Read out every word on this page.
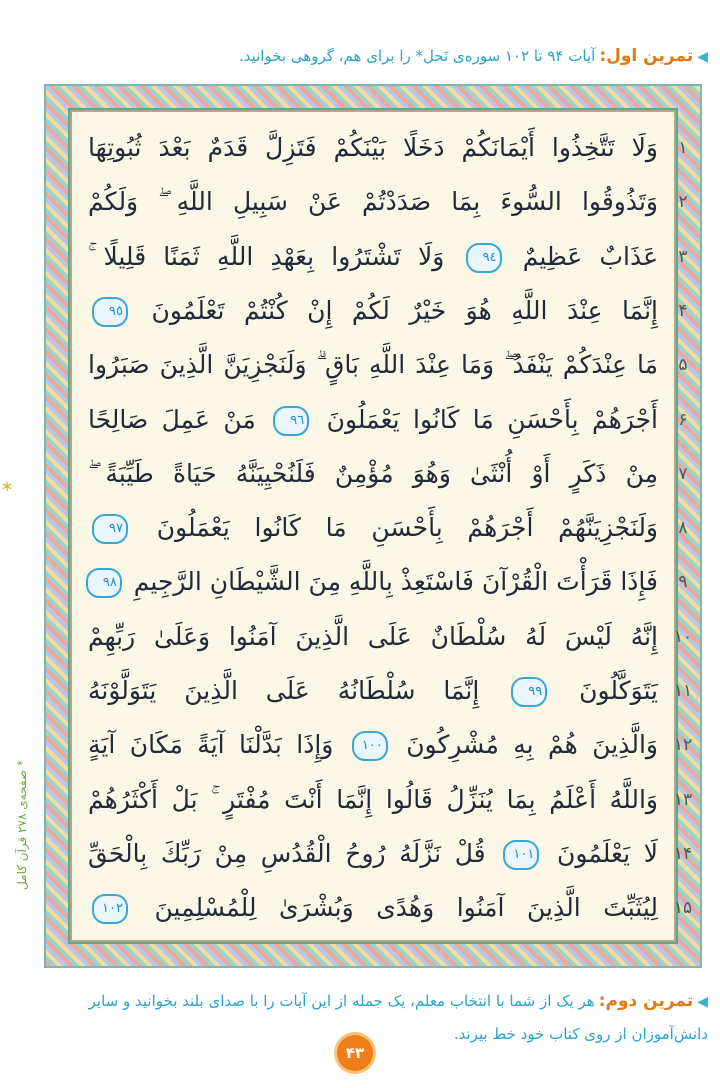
◀تمرین اول:آیات ۹۴ تا ۱۰۲ سوره‌ی نَحل* را برای هم، گروهی بخوانید.
۱
وَلَا تَتَّخِذُوا أَيْمَانَكُمْ دَخَلًا بَيْنَكُمْ فَتَزِلَّ قَدَمٌ بَعْدَ ثُبُوتِهَا
۲
وَتَذُوقُوا السُّوءَ بِمَا صَدَدْتُمْ عَنْ سَبِيلِ اللَّهِ ۖ وَلَكُمْ
۳
عَذَابٌ عَظِيمٌ ٩٤ وَلَا تَشْتَرُوا بِعَهْدِ اللَّهِ ثَمَنًا قَلِيلًا ۚ
۴
إِنَّمَا عِنْدَ اللَّهِ هُوَ خَيْرٌ لَكُمْ إِنْ كُنْتُمْ تَعْلَمُونَ ٩٥
۵
مَا عِنْدَكُمْ يَنْفَدُ ۖ وَمَا عِنْدَ اللَّهِ بَاقٍ ۗ وَلَنَجْزِيَنَّ الَّذِينَ صَبَرُوا
۶
أَجْرَهُمْ بِأَحْسَنِ مَا كَانُوا يَعْمَلُونَ ٩٦ مَنْ عَمِلَ صَالِحًا
۷
مِنْ ذَكَرٍ أَوْ أُنْثَىٰ وَهُوَ مُؤْمِنٌ فَلَنُحْيِيَنَّهُ حَيَاةً طَيِّبَةً ۖ
۸
وَلَنَجْزِيَنَّهُمْ أَجْرَهُمْ بِأَحْسَنِ مَا كَانُوا يَعْمَلُونَ ٩٧
۹
فَإِذَا قَرَأْتَ الْقُرْآنَ فَاسْتَعِذْ بِاللَّهِ مِنَ الشَّيْطَانِ الرَّجِيمِ ٩٨
۱۰
إِنَّهُ لَيْسَ لَهُ سُلْطَانٌ عَلَى الَّذِينَ آمَنُوا وَعَلَىٰ رَبِّهِمْ
۱۱
يَتَوَكَّلُونَ ٩٩ إِنَّمَا سُلْطَانُهُ عَلَى الَّذِينَ يَتَوَلَّوْنَهُ
۱۲
وَالَّذِينَ هُمْ بِهِ مُشْرِكُونَ ١٠٠ وَإِذَا بَدَّلْنَا آيَةً مَكَانَ آيَةٍ
۱۳
وَاللَّهُ أَعْلَمُ بِمَا يُنَزِّلُ قَالُوا إِنَّمَا أَنْتَ مُفْتَرٍ ۚ بَلْ أَكْثَرُهُمْ
۱۴
لَا يَعْلَمُونَ ١٠١ قُلْ نَزَّلَهُ رُوحُ الْقُدُسِ مِنْ رَبِّكَ بِالْحَقِّ
۱۵
لِيُثَبِّتَ الَّذِينَ آمَنُوا وَهُدًى وَبُشْرَىٰ لِلْمُسْلِمِينَ ١٠٢
*
* صفحه‌ی ۲۷۸ قرآن کامل
◀تمرین دوم:هر یک از شما با انتخاب معلم، یک جمله از این آیات را با صدای بلند بخوانید و سایر دانش‌آموزان از روی کتاب خود خط بیرند.
۴۳
